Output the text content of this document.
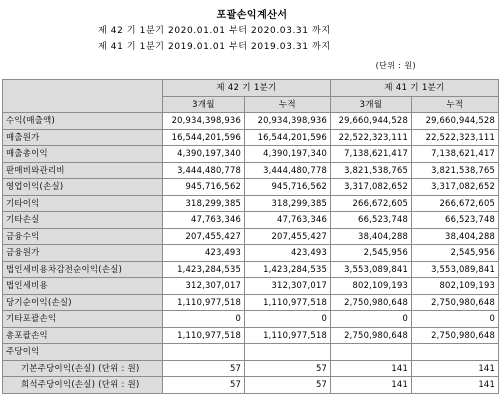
포괄손익계산서
제 42 기 1분기 2020.01.01 부터 2020.03.31 까지
제 41 기 1분기 2019.01.01 부터 2019.03.31 까지
(단위 : 원)
	제 42 기 1분기		제 41 기 1분기	
	3개월	누적	3개월	누적
수익(매출액)	20,934,398,936	20,934,398,936	29,660,944,528	29,660,944,528
매출원가	16,544,201,596	16,544,201,596	22,522,323,111	22,522,323,111
매출총이익	4,390,197,340	4,390,197,340	7,138,621,417	7,138,621,417
판매비와관리비	3,444,480,778	3,444,480,778	3,821,538,765	3,821,538,765
영업이익(손실)	945,716,562	945,716,562	3,317,082,652	3,317,082,652
기타이익	318,299,385	318,299,385	266,672,605	266,672,605
기타손실	47,763,346	47,763,346	66,523,748	66,523,748
금융수익	207,455,427	207,455,427	38,404,288	38,404,288
금융원가	423,493	423,493	2,545,956	2,545,956
법인세비용차감전순이익(손실)	1,423,284,535	1,423,284,535	3,553,089,841	3,553,089,841
법인세비용	312,307,017	312,307,017	802,109,193	802,109,193
당기순이익(손실)	1,110,977,518	1,110,977,518	2,750,980,648	2,750,980,648
기타포괄손익	0	0	0	0
총포괄손익	1,110,977,518	1,110,977,518	2,750,980,648	2,750,980,648
주당이익				
기본주당이익(손실) (단위 : 원)	57	57	141	141
희석주당이익(손실) (단위 : 원)	57	57	141	141
